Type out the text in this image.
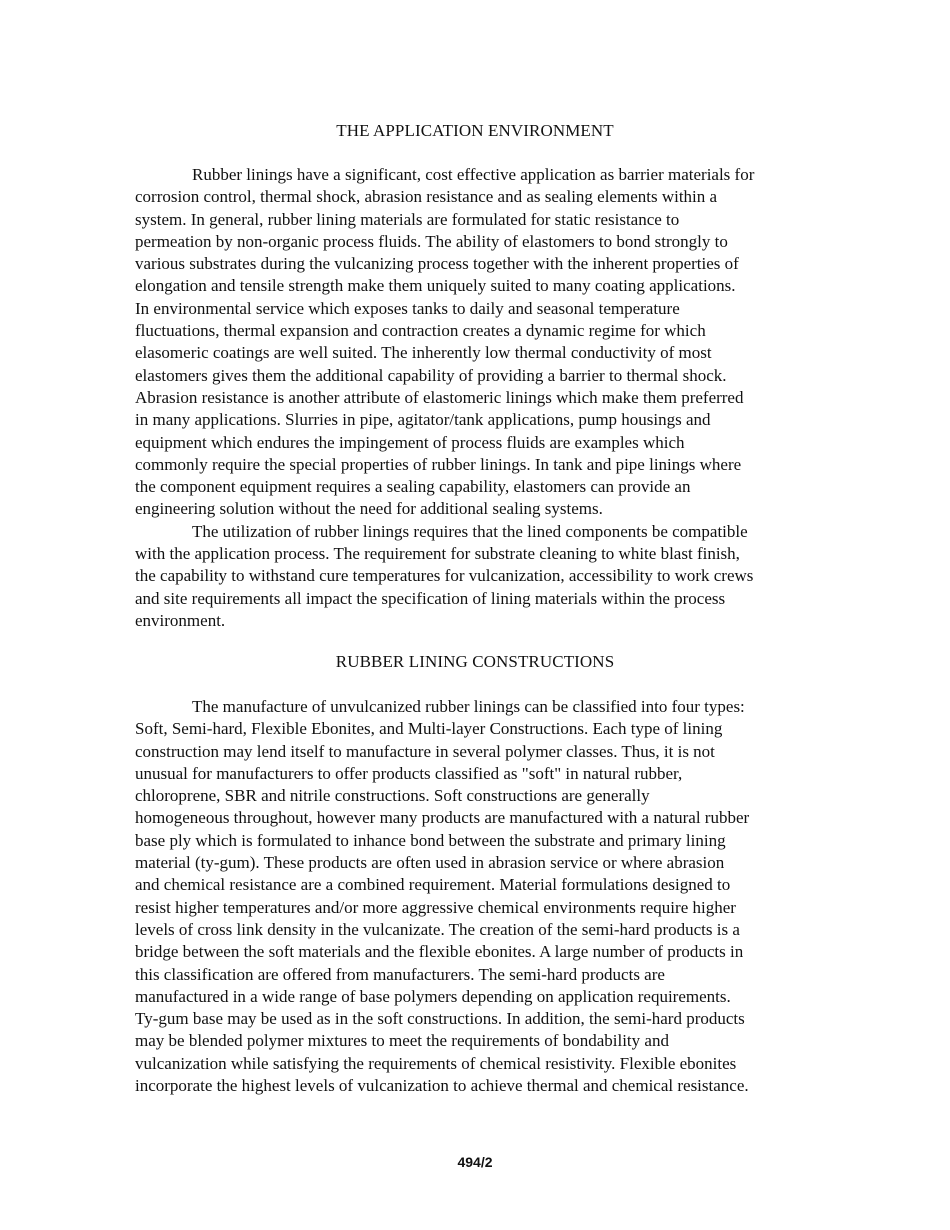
THE APPLICATION ENVIRONMENT
Rubber linings have a significant, cost effective application as barrier materials for
corrosion control, thermal shock, abrasion resistance and as sealing elements within a
system. In general, rubber lining materials are formulated for static resistance to
permeation by non-organic process fluids. The ability of elastomers to bond strongly to
various substrates during the vulcanizing process together with the inherent properties of
elongation and tensile strength make them uniquely suited to many coating applications.
In environmental service which exposes tanks to daily and seasonal temperature
fluctuations, thermal expansion and contraction creates a dynamic regime for which
elasomeric coatings are well suited. The inherently low thermal conductivity of most
elastomers gives them the additional capability of providing a barrier to thermal shock.
Abrasion resistance is another attribute of elastomeric linings which make them preferred
in many applications. Slurries in pipe, agitator/tank applications, pump housings and
equipment which endures the impingement of process fluids are examples which
commonly require the special properties of rubber linings. In tank and pipe linings where
the component equipment requires a sealing capability, elastomers can provide an
engineering solution without the need for additional sealing systems.
The utilization of rubber linings requires that the lined components be compatible
with the application process. The requirement for substrate cleaning to white blast finish,
the capability to withstand cure temperatures for vulcanization, accessibility to work crews
and site requirements all impact the specification of lining materials within the process
environment.
RUBBER LINING CONSTRUCTIONS
The manufacture of unvulcanized rubber linings can be classified into four types:
Soft, Semi-hard, Flexible Ebonites, and Multi-layer Constructions. Each type of lining
construction may lend itself to manufacture in several polymer classes. Thus, it is not
unusual for manufacturers to offer products classified as "soft" in natural rubber,
chloroprene, SBR and nitrile constructions. Soft constructions are generally
homogeneous throughout, however many products are manufactured with a natural rubber
base ply which is formulated to inhance bond between the substrate and primary lining
material (ty-gum). These products are often used in abrasion service or where abrasion
and chemical resistance are a combined requirement. Material formulations designed to
resist higher temperatures and/or more aggressive chemical environments require higher
levels of cross link density in the vulcanizate. The creation of the semi-hard products is a
bridge between the soft materials and the flexible ebonites. A large number of products in
this classification are offered from manufacturers. The semi-hard products are
manufactured in a wide range of base polymers depending on application requirements.
Ty-gum base may be used as in the soft constructions. In addition, the semi-hard products
may be blended polymer mixtures to meet the requirements of bondability and
vulcanization while satisfying the requirements of chemical resistivity. Flexible ebonites
incorporate the highest levels of vulcanization to achieve thermal and chemical resistance.
494/2
